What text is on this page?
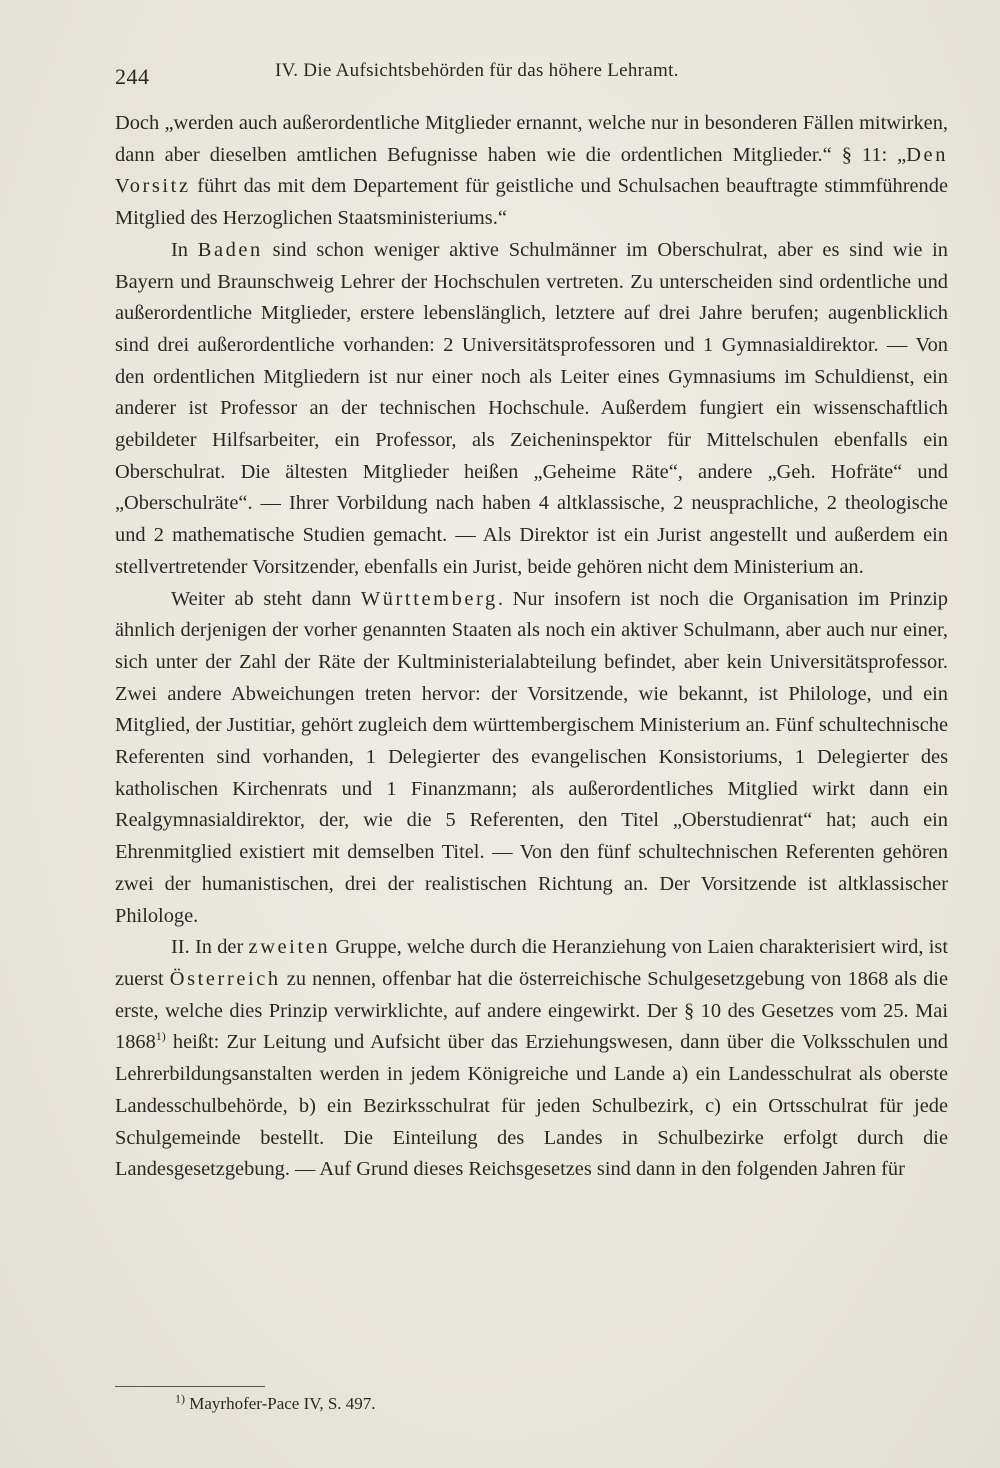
244	IV. Die Aufsichtsbehörden für das höhere Lehramt.

Doch „werden auch außerordentliche Mitglieder ernannt, welche nur in besonderen Fällen mitwirken, dann aber dieselben amtlichen Befugnisse haben wie die ordentlichen Mitglieder.“ § 11: „Den Vorsitz führt das mit dem Departement für geistliche und Schulsachen beauftragte stimmführende Mitglied des Herzoglichen Staatsministeriums.“

In Baden sind schon weniger aktive Schulmänner im Oberschulrat, aber es sind wie in Bayern und Braunschweig Lehrer der Hochschulen vertreten. Zu unterscheiden sind ordentliche und außerordentliche Mitglieder, erstere lebenslänglich, letztere auf drei Jahre berufen; augenblicklich sind drei außerordentliche vorhanden: 2 Universitätsprofessoren und 1 Gymnasialdirektor. — Von den ordentlichen Mitgliedern ist nur einer noch als Leiter eines Gymnasiums im Schuldienst, ein anderer ist Professor an der technischen Hochschule. Außerdem fungiert ein wissenschaftlich gebildeter Hilfsarbeiter, ein Professor, als Zeicheninspektor für Mittelschulen ebenfalls ein Oberschulrat. Die ältesten Mitglieder heißen „Geheime Räte“, andere „Geh. Hofräte“ und „Oberschulräte“. — Ihrer Vorbildung nach haben 4 altklassische, 2 neusprachliche, 2 theologische und 2 mathematische Studien gemacht. — Als Direktor ist ein Jurist angestellt und außerdem ein stellvertretender Vorsitzender, ebenfalls ein Jurist, beide gehören nicht dem Ministerium an.

Weiter ab steht dann Württemberg. Nur insofern ist noch die Organisation im Prinzip ähnlich derjenigen der vorher genannten Staaten als noch ein aktiver Schulmann, aber auch nur einer, sich unter der Zahl der Räte der Kultministerialabteilung befindet, aber kein Universitätsprofessor. Zwei andere Abweichungen treten hervor: der Vorsitzende, wie bekannt, ist Philologe, und ein Mitglied, der Justitiar, gehört zugleich dem württembergischem Ministerium an. Fünf schultechnische Referenten sind vorhanden, 1 Delegierter des evangelischen Konsistoriums, 1 Delegierter des katholischen Kirchenrats und 1 Finanzmann; als außerordentliches Mitglied wirkt dann ein Realgymnasialdirektor, der, wie die 5 Referenten, den Titel „Oberstudienrat“ hat; auch ein Ehrenmitglied existiert mit demselben Titel. — Von den fünf schultechnischen Referenten gehören zwei der humanistischen, drei der realistischen Richtung an. Der Vorsitzende ist altklassischer Philologe.

II. In der zweiten Gruppe, welche durch die Heranziehung von Laien charakterisiert wird, ist zuerst Österreich zu nennen, offenbar hat die österreichische Schulgesetzgebung von 1868 als die erste, welche dies Prinzip verwirklichte, auf andere eingewirkt. Der § 10 des Gesetzes vom 25. Mai 1868$^{1)}$ heißt: Zur Leitung und Aufsicht über das Erziehungswesen, dann über die Volksschulen und Lehrerbildungsanstalten werden in jedem Königreiche und Lande a) ein Landesschulrat als oberste Landesschulbehörde, b) ein Bezirksschulrat für jeden Schulbezirk, c) ein Ortsschulrat für jede Schulgemeinde bestellt. Die Einteilung des Landes in Schulbezirke erfolgt durch die Landesgesetzgebung. — Auf Grund dieses Reichsgesetzes sind dann in den folgenden Jahren für

$^{1)}$ Mayrhofer-Pace IV, S. 497.
